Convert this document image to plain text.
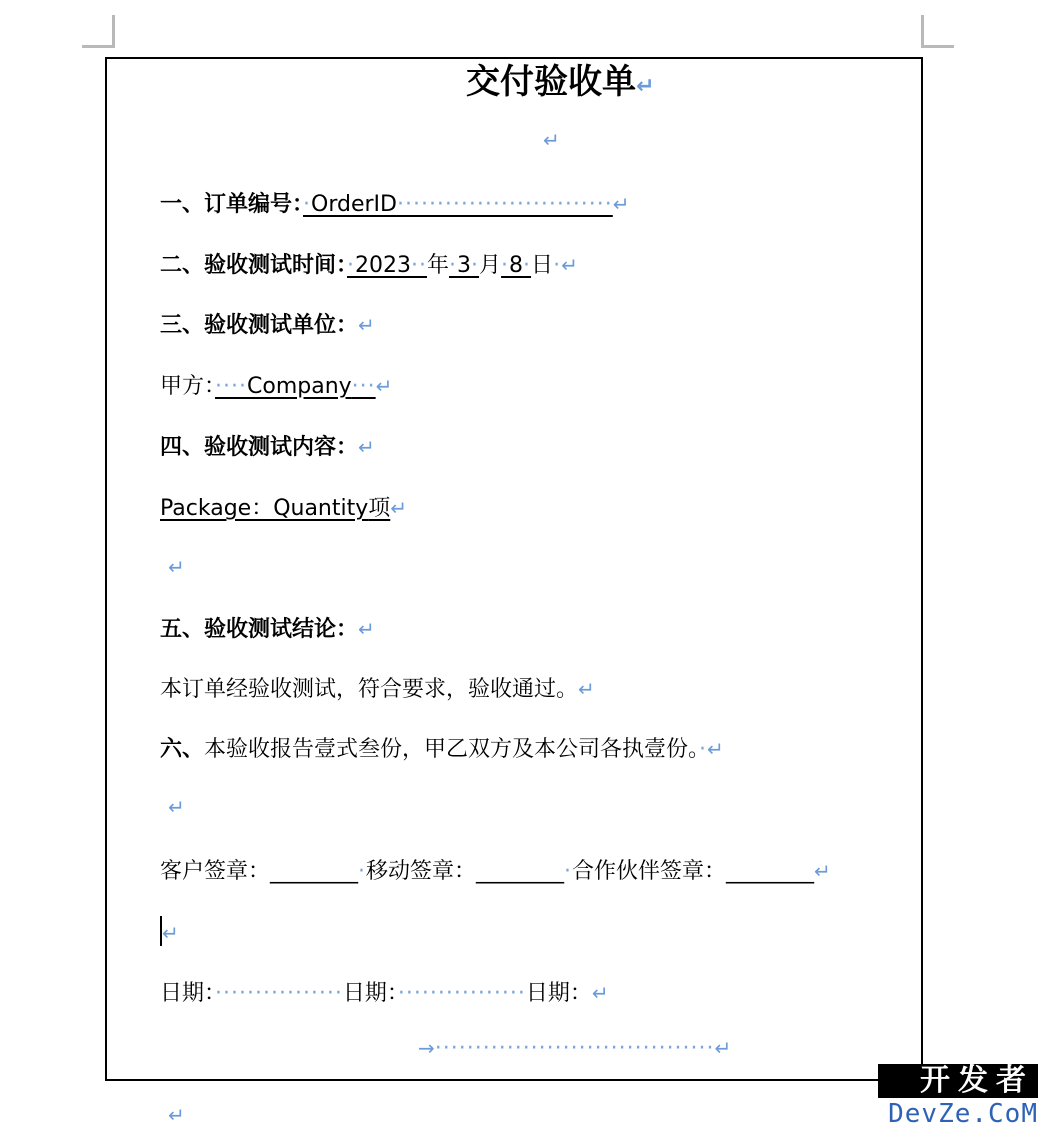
交付验收单↵
↵
一、订单编号：·OrderID···························↵
二、验收测试时间：·2023··年·3·月·8·日·↵
三、验收测试单位：↵
甲方：····Company···↵
四、验收测试内容：↵
Package：Quantity项↵
↵
五、验收测试结论：↵
本订单经验收测试，符合要求，验收通过。↵
六、本验收报告壹式叁份，甲乙双方及本公司各执壹份。·↵
↵
客户签章：________·移动签章：________·合作伙伴签章：________↵
↵
日期：················日期：················日期：↵
→···································↵
↵
开发者
DevZe.CoM
